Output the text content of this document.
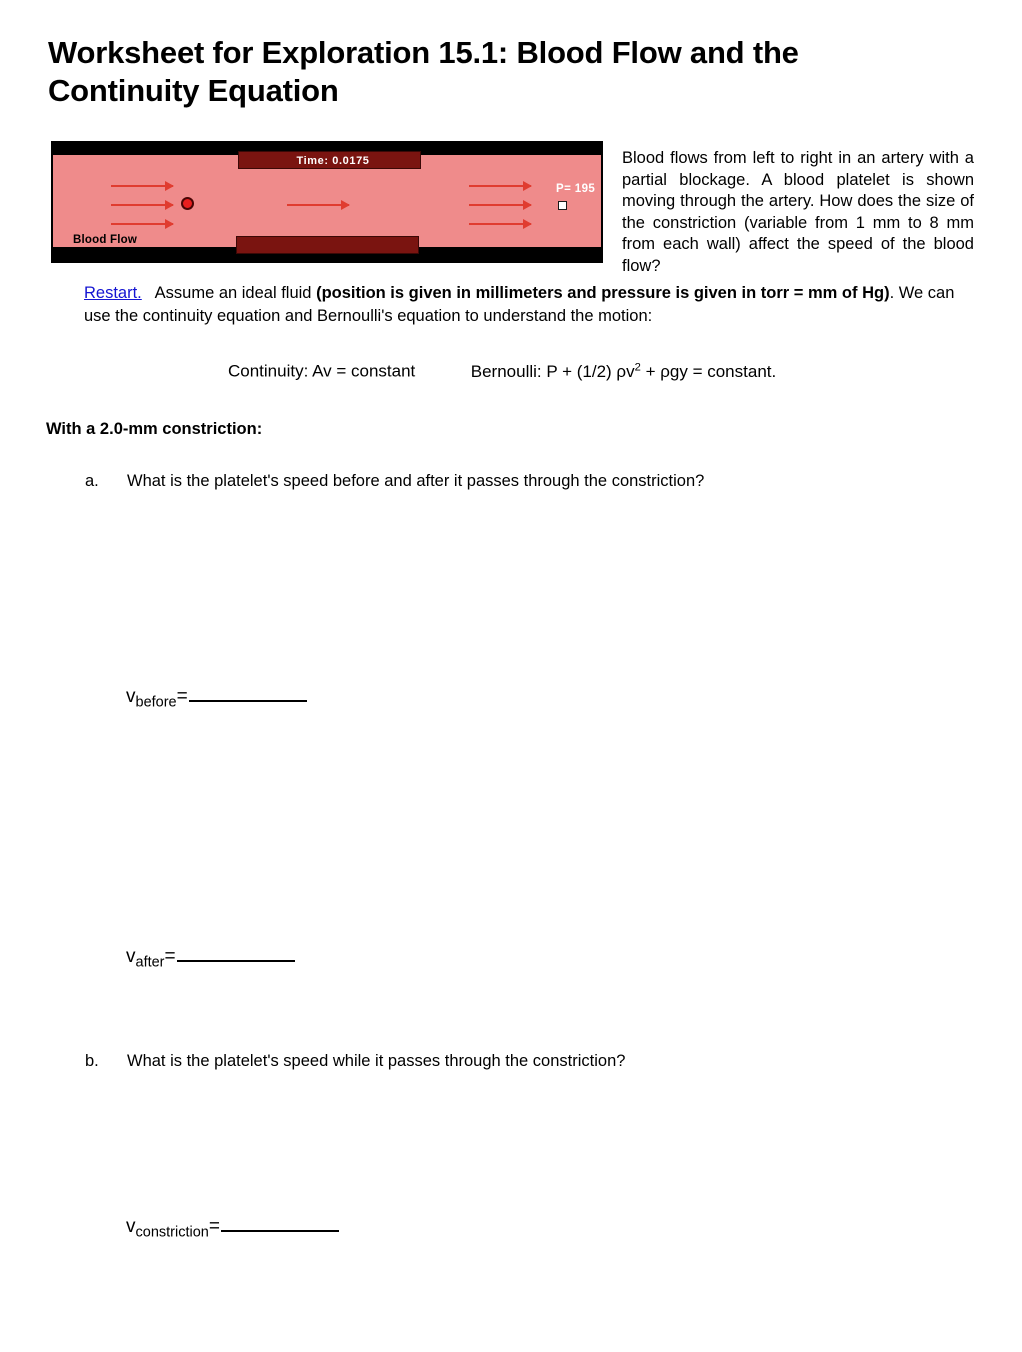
Worksheet for Exploration 15.1: Blood Flow and the
Continuity Equation
Time: 0.0175
Blood Flow
P= 195
Blood flows from left to right in an artery with a partial blockage. A blood platelet is shown moving through the artery. How does the size of the constriction (variable from 1 mm to 8 mm from each wall) affect the speed of the blood flow?
Restart. Assume an ideal fluid (position is given in millimeters and pressure is given in torr = mm of Hg). We can use the continuity equation and Bernoulli's equation to understand the motion:
Continuity: Av = constant	Bernoulli: P + (1/2) $\rho v^2 + \rho gy$ = constant.
With a 2.0-mm constriction:
a.	What is the platelet's speed before and after it passes through the constriction?
$v_{before}=$
$v_{after}=$
b.	What is the platelet's speed while it passes through the constriction?
$v_{constriction}=$
